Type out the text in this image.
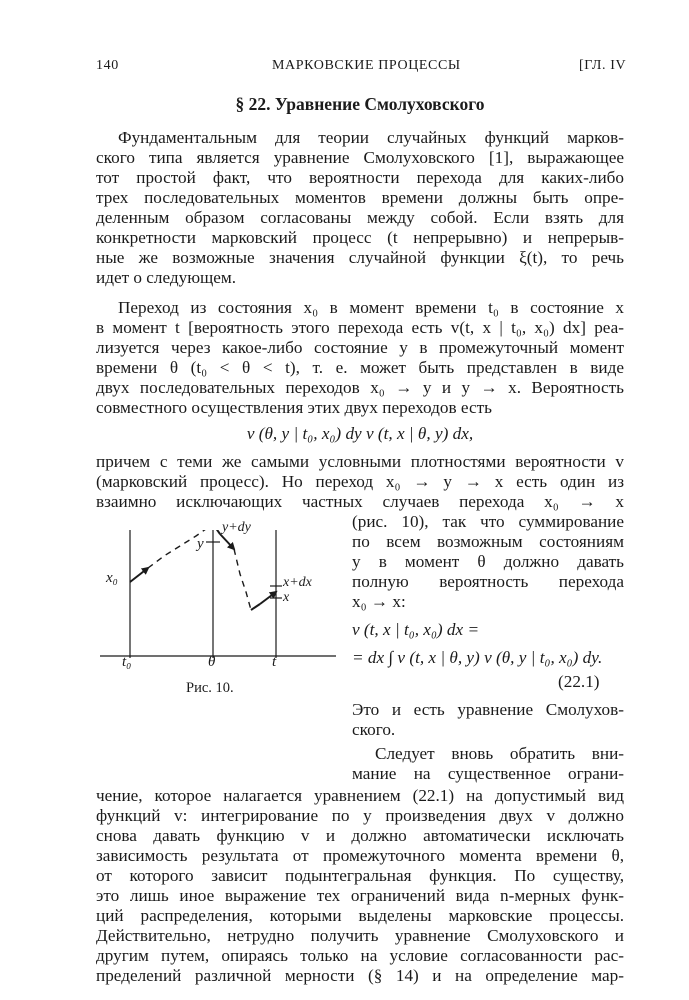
140	МАРКОВСКИЕ ПРОЦЕССЫ	[ГЛ. IV
§ 22. Уравнение Смолуховского
Фундаментальным для теории случайных функций марков-
ского типа является уравнение Смолуховского [1], выражающее
тот простой факт, что вероятности перехода для каких-либо
трех последовательных моментов времени должны быть опре-
деленным образом согласованы между собой. Если взять для
конкретности марковский процесс (t непрерывно) и непрерыв-
ные же возможные значения случайной функции ξ(t), то речь
идет о следующем.
Переход из состояния x₀ в момент времени t₀ в состояние x
в момент t [вероятность этого перехода есть v(t, x | t₀, x₀) dx] реа-
лизуется через какое-либо состояние y в промежуточный момент
времени θ (t₀ < θ < t), т. е. может быть представлен в виде
двух последовательных переходов x₀ → y и y → x. Вероятность
совместного осуществления этих двух переходов есть
v (θ, y | t₀, x₀) dy v (t, x | θ, y) dx,
причем с теми же самыми условными плотностями вероятности v
(марковский процесс). Но переход x₀ → y → x есть один из
взаимно исключающих частных случаев перехода x₀ → x
(рис. 10), так что суммирование
по всем возможным состояниям
y в момент θ должно давать
полную вероятность перехода
x₀ → x:
v (t, x | t₀, x₀) dx =
= dx ∫ v (t, x | θ, y) v (θ, y | t₀, x₀) dy.
(22.1)
Это и есть уравнение Смолухов-
ского.
Следует вновь обратить вни-
мание на существенное ограни-
x₀
y
y+dy
x+dx
x
t₀	θ	t
Рис. 10.
чение, которое налагается уравнением (22.1) на допустимый вид
функций v: интегрирование по y произведения двух v должно
снова давать функцию v и должно автоматически исключать
зависимость результата от промежуточного момента времени θ,
от которого зависит подынтегральная функция. По существу,
это лишь иное выражение тех ограничений вида n-мерных функ-
ций распределения, которыми выделены марковские процессы.
Действительно, нетрудно получить уравнение Смолуховского и
другим путем, опираясь только на условие согласованности рас-
пределений различной мерности (§ 14) и на определение мар-
